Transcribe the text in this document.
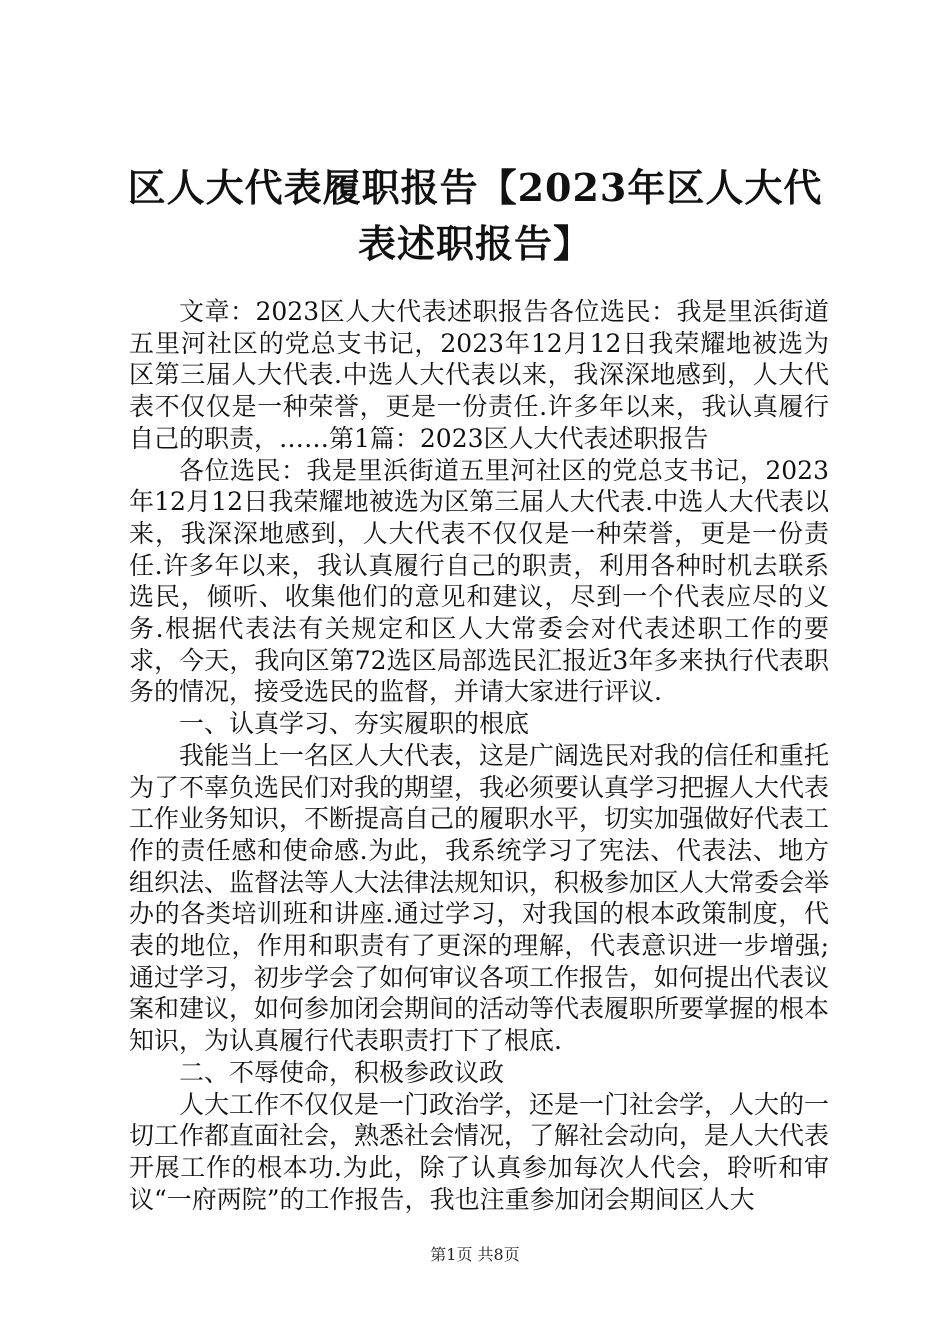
区人大代表履职报告【2023年区人大代表述职报告】

文章：2023区人大代表述职报告各位选民：我是里浜街道五里河社区的党总支书记，2023年12月12日我荣耀地被选为区第三届人大代表.中选人大代表以来，我深深地感到，人大代表不仅仅是一种荣誉，更是一份责任.许多年以来，我认真履行自己的职责，……第1篇：2023区人大代表述职报告

各位选民：我是里浜街道五里河社区的党总支书记，2023年12月12日我荣耀地被选为区第三届人大代表.中选人大代表以来，我深深地感到，人大代表不仅仅是一种荣誉，更是一份责任.许多年以来，我认真履行自己的职责，利用各种时机去联系选民，倾听、收集他们的意见和建议，尽到一个代表应尽的义务.根据代表法有关规定和区人大常委会对代表述职工作的要求，今天，我向区第72选区局部选民汇报近3年多来执行代表职务的情况，接受选民的监督，并请大家进行评议.

一、认真学习、夯实履职的根底

我能当上一名区人大代表，这是广阔选民对我的信任和重托为了不辜负选民们对我的期望，我必须要认真学习把握人大代表工作业务知识，不断提高自己的履职水平，切实加强做好代表工作的责任感和使命感.为此，我系统学习了宪法、代表法、地方组织法、监督法等人大法律法规知识，积极参加区人大常委会举办的各类培训班和讲座.通过学习，对我国的根本政策制度，代表的地位，作用和职责有了更深的理解，代表意识进一步增强;通过学习，初步学会了如何审议各项工作报告，如何提出代表议案和建议，如何参加闭会期间的活动等代表履职所要掌握的根本知识，为认真履行代表职责打下了根底.

二、不辱使命，积极参政议政

人大工作不仅仅是一门政治学，还是一门社会学，人大的一切工作都直面社会，熟悉社会情况，了解社会动向，是人大代表开展工作的根本功.为此，除了认真参加每次人代会，聆听和审议“一府两院”的工作报告，我也注重参加闭会期间区人大

第1页 共8页
